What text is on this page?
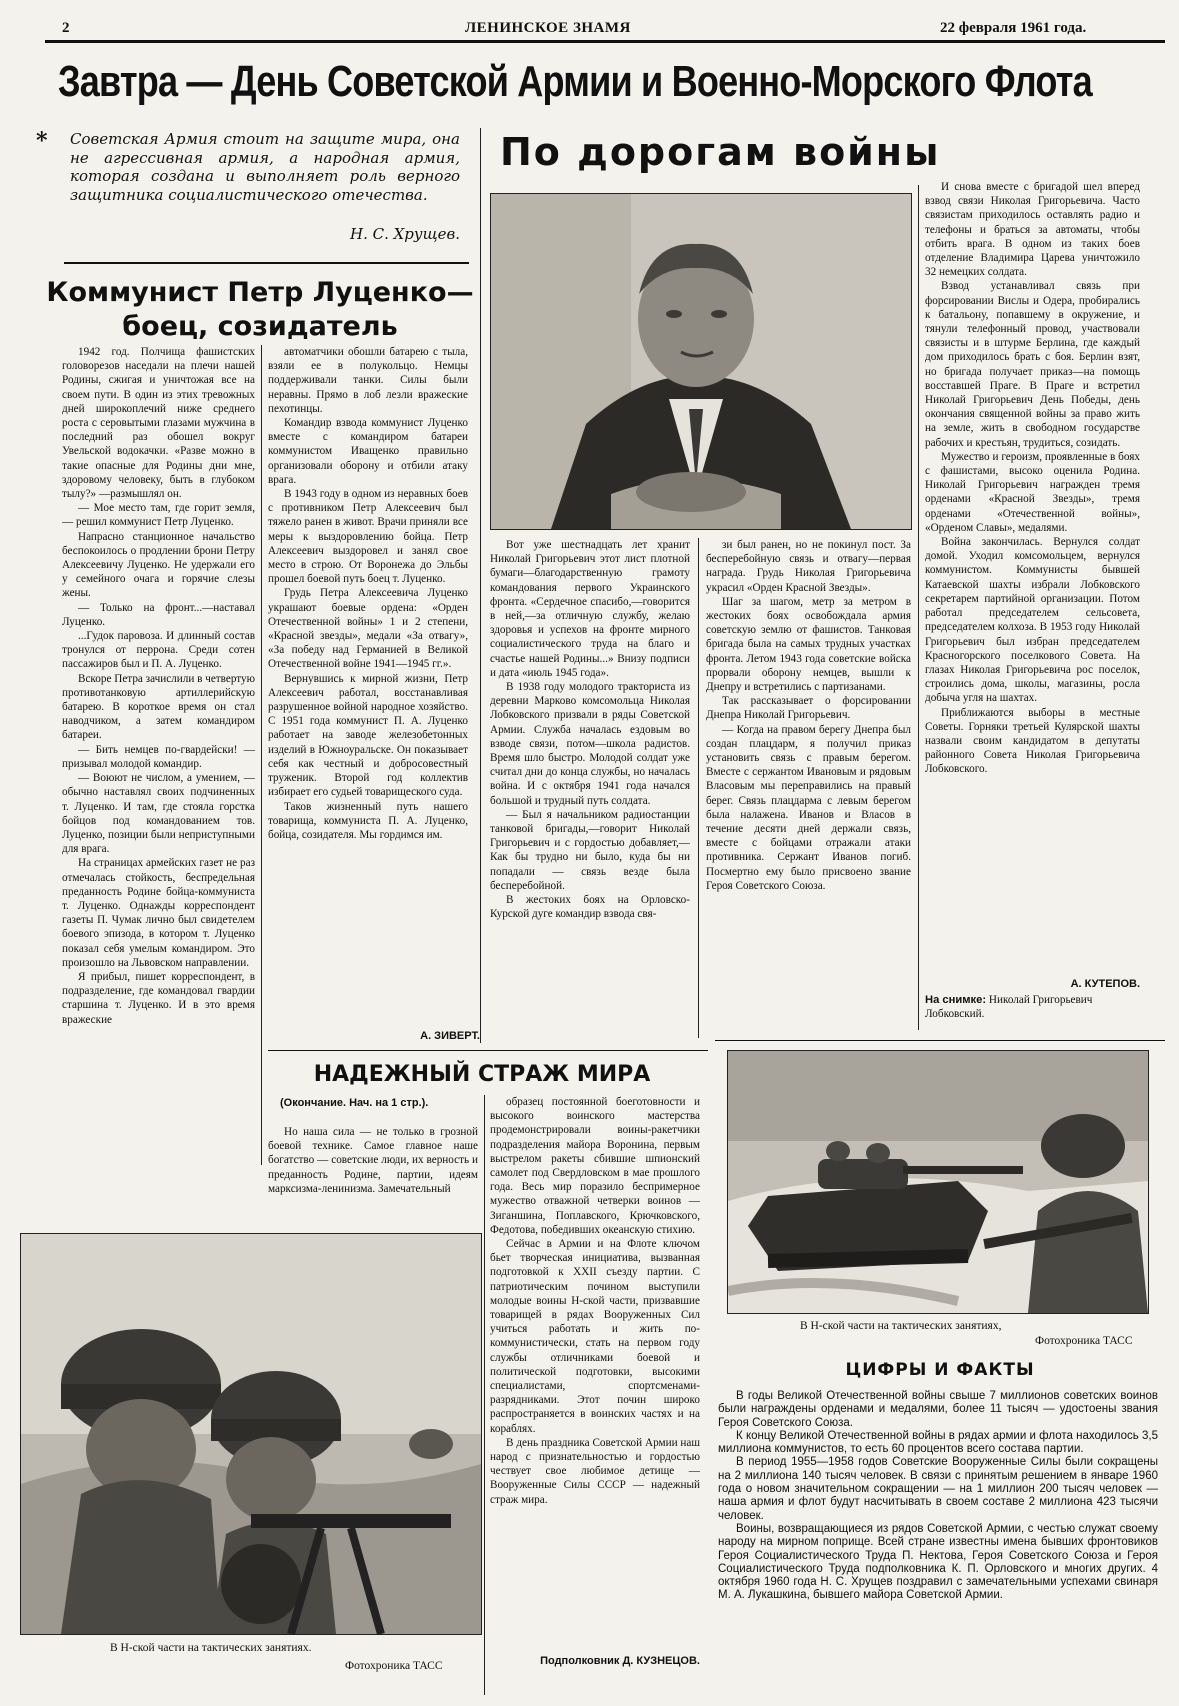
2	ЛЕНИНСКОЕ ЗНАМЯ	22 февраля 1961 года.
Завтра — День Советской Армии и Военно-Морского Флота
* Советская Армия стоит на защите мира, она не агрессивная армия, а народная армия, которая создана и выполняет роль верного защитника социалистического отечества.
Н. С. Хрущев.
Коммунист Петр Луценко—
боец, созидатель

1942 год. Полчища фашистских головорезов наседали на плечи нашей Родины, сжигая и уничтожая все на своем пути. В один из этих тревожных дней широкоплечий ниже среднего роста с серовытыми глазами мужчина в последний раз обошел вокруг Увельской водокачки. «Разве можно в такие опасные для Родины дни мне, здоровому человеку, быть в глубоком тылу?» —размышлял он.

— Мое место там, где горит земля, — решил коммунист Петр Луценко.

Напрасно станционное начальство беспокоилось о продлении брони Петру Алексеевичу Луценко. Не удержали его у семейного очага и горячие слезы жены.

— Только на фронт...—наставал Луценко.

...Гудок паровоза. И длинный состав тронулся от перрона. Среди сотен пассажиров был и П. А. Луценко.

Вскоре Петра зачислили в четвертую противотанковую артиллерийскую батарею. В короткое время он стал наводчиком, а затем командиром батареи.

— Бить немцев по-гвардейски! —призывал молодой командир.

— Воюют не числом, а умением, —обычно наставлял своих подчиненных т. Луценко. И там, где стояла горстка бойцов под командованием тов. Луценко, позиции были неприступными для врага.

На страницах армейских газет не раз отмечалась стойкость, беспредельная преданность Родине бойца-коммуниста т. Луценко. Однажды корреспондент газеты П. Чумак лично был свидетелем боевого эпизода, в котором т. Луценко показал себя умелым командиром. Это произошло на Львовском направлении.

Я прибыл, пишет корреспондент, в подразделение, где командовал гвардии старшина т. Луценко. И в это время вражеские

автоматчики обошли батарею с тыла, взяли ее в полукольцо. Немцы поддерживали танки. Силы были неравны. Прямо в лоб лезли вражеские пехотинцы.

Командир взвода коммунист Луценко вместе с командиром батареи коммунистом Иващенко правильно организовали оборону и отбили атаку врага.

В 1943 году в одном из неравных боев с противником Петр Алексеевич был тяжело ранен в живот. Врачи приняли все меры к выздоровлению бойца. Петр Алексеевич выздоровел и занял свое место в строю. От Воронежа до Эльбы прошел боевой путь боец т. Луценко.

Грудь Петра Алексеевича Луценко украшают боевые ордена: «Орден Отечественной войны» 1 и 2 степени, «Красной звезды», медали «За отвагу», «За победу над Германией в Великой Отечественной войне 1941—1945 гг.».

Вернувшись к мирной жизни, Петр Алексеевич работал, восстанавливая разрушенное войной народное хозяйство. С 1951 года коммунист П. А. Луценко работает на заводе железобетонных изделий в Южноуральске. Он показывает себя как честный и добросовестный труженик. Второй год коллектив избирает его судьей товарищеского суда.

Таков жизненный путь нашего товарища, коммуниста П. А. Луценко, бойца, созидателя. Мы гордимся им.

А. ЗИВЕРТ.
По дорогам войны

Вот уже шестнадцать лет хранит Николай Григорьевич этот лист плотной бумаги—благодарственную грамоту командования первого Украинского фронта. «Сердечное спасибо,—говорится в ней,—за отличную службу, желаю здоровья и успехов на фронте мирного социалистического труда на благо и счастье нашей Родины...» Внизу подписи и дата «июль 1945 года».

В 1938 году молодого тракториста из деревни Марково комсомольца Николая Лобковского призвали в ряды Советской Армии. Служба началась ездовым во взводе связи, потом—школа радистов. Время шло быстро. Молодой солдат уже считал дни до конца службы, но началась война. И с октября 1941 года начался большой и трудный путь солдата.

— Был я начальником радиостанции танковой бригады,—говорит Николай Григорьевич и с гордостью добавляет,—Как бы трудно ни было, куда бы ни попадали — связь везде была бесперебойной.

В жестоких боях на Орловско-Курской дуге командир взвода свя-

зи был ранен, но не покинул пост. За бесперебойную связь и отвагу—первая награда. Грудь Николая Григорьевича украсил «Орден Красной Звезды».

Шаг за шагом, метр за метром в жестоких боях освобождала армия советскую землю от фашистов. Танковая бригада была на самых трудных участках фронта. Летом 1943 года советские войска прорвали оборону немцев, вышли к Днепру и встретились с партизанами.

Так рассказывает о форсировании Днепра Николай Григорьевич.

— Когда на правом берегу Днепра был создан плацдарм, я получил приказ установить связь с правым берегом. Вместе с сержантом Ивановым и рядовым Власовым мы переправились на правый берег. Связь плацдарма с левым берегом была налажена. Иванов и Власов в течение десяти дней держали связь, вместе с бойцами отражали атаки противника. Сержант Иванов погиб. Посмертно ему было присвоено звание Героя Советского Союза.

И снова вместе с бригадой шел вперед взвод связи Николая Григорьевича. Часто связистам приходилось оставлять радио и телефоны и браться за автоматы, чтобы отбить врага. В одном из таких боев отделение Владимира Царева уничтожило 32 немецких солдата.

Взвод устанавливал связь при форсировании Вислы и Одера, пробирались к батальону, попавшему в окружение, и тянули телефонный провод, участвовали связисты и в штурме Берлина, где каждый дом приходилось брать с боя. Берлин взят, но бригада получает приказ—на помощь восставшей Праге. В Праге и встретил Николай Григорьевич День Победы, день окончания священной войны за право жить на земле, жить в свободном государстве рабочих и крестьян, трудиться, созидать.

Мужество и героизм, проявленные в боях с фашистами, высоко оценила Родина. Николай Григорьевич награжден тремя орденами «Красной Звезды», тремя орденами «Отечественной войны», «Орденом Славы», медалями.

Война закончилась. Вернулся солдат домой. Уходил комсомольцем, вернулся коммунистом. Коммунисты бывшей Катаевской шахты избрали Лобковского секретарем партийной организации. Потом работал председателем сельсовета, председателем колхоза. В 1953 году Николай Григорьевич был избран председателем Красногорского поселкового Совета. На глазах Николая Григорьевича рос поселок, строились дома, школы, магазины, росла добыча угля на шахтах.

Приближаются выборы в местные Советы. Горняки третьей Кулярской шахты назвали своим кандидатом в депутаты районного Совета Николая Григорьевича Лобковского.

А. КУТЕПОВ.
На снимке: Николай Григорьевич Лобковский.
НАДЕЖНЫЙ СТРАЖ МИРА
(Окончание. Нач. на 1 стр.).

Но наша сила — не только в грозной боевой технике. Самое главное наше богатство — советские люди, их верность и преданность Родине, партии, идеям марксизма-ленинизма. Замечательный

образец постоянной боеготовности и высокого воинского мастерства продемонстрировали воины-ракетчики подразделения майора Воронина, первым выстрелом ракеты сбившие шпионский самолет под Свердловском в мае прошлого года. Весь мир поразило беспримерное мужество отважной четверки воинов — Зиганшина, Поплавского, Крючковского, Федотова, победивших океанскую стихию.

Сейчас в Армии и на Флоте ключом бьет творческая инициатива, вызванная подготовкой к XXII съезду партии. С патриотическим почином выступили молодые воины Н-ской части, призвавшие товарищей в рядах Вооруженных Сил учиться работать и жить по-коммунистически, стать на первом году службы отличниками боевой и политической подготовки, высокими специалистами, спортсменами-разрядниками. Этот почин широко распространяется в воинских частях и на кораблях.

В день праздника Советской Армии наш народ с признательностью и гордостью чествует свое любимое детище — Вооруженные Силы СССР — надежный страж мира.

Подполковник Д. КУЗНЕЦОВ.
В Н-ской части на тактических занятиях.
Фотохроника ТАСС
В Н-ской части на тактических занятиях,
Фотохроника ТАСС
ЦИФРЫ И ФАКТЫ

В годы Великой Отечественной войны свыше 7 миллионов советских воинов были награждены орденами и медалями, более 11 тысяч — удостоены звания Героя Советского Союза.

К концу Великой Отечественной войны в рядах армии и флота находилось 3,5 миллиона коммунистов, то есть 60 процентов всего состава партии.

В период 1955—1958 годов Советские Вооруженные Силы были сокращены на 2 миллиона 140 тысяч человек. В связи с принятым решением в январе 1960 года о новом значительном сокращении — на 1 миллион 200 тысяч человек — наша армия и флот будут насчитывать в своем составе 2 миллиона 423 тысячи человек.

Воины, возвращающиеся из рядов Советской Армии, с честью служат своему народу на мирном поприще. Всей стране известны имена бывших фронтовиков Героя Социалистического Труда П. Нектова, Героя Советского Союза и Героя Социалистического Труда подполковника К. П. Орловского и многих других. 4 октября 1960 года Н. С. Хрущев поздравил с замечательными успехами свинаря М. А. Лукашкина, бывшего майора Советской Армии.
